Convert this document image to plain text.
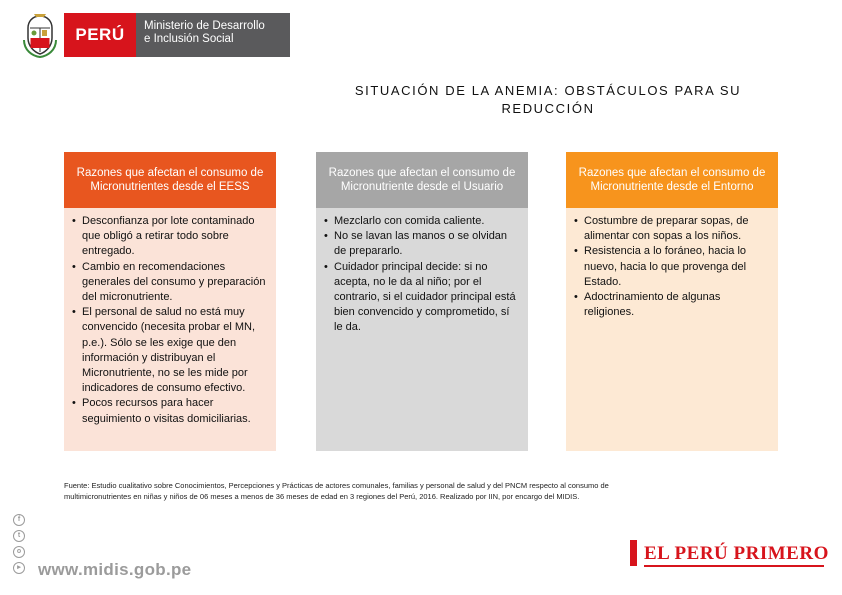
PERÚ	Ministerio de Desarrollo
e Inclusión Social
SITUACIÓN DE LA ANEMIA: OBSTÁCULOS PARA SU
REDUCCIÓN
Razones que afectan el consumo de Micronutrientes desde el EESS
• Desconfianza por lote contaminado que obligó a retirar todo sobre entregado.
• Cambio en recomendaciones generales del consumo y preparación del micronutriente.
• El personal de salud no está muy convencido (necesita probar el MN, p.e.). Sólo se les exige que den información y distribuyan el Micronutriente, no se les mide por indicadores de consumo efectivo.
• Pocos recursos para hacer seguimiento o visitas domiciliarias.
Razones que afectan el consumo de Micronutriente desde el Usuario
• Mezclarlo con comida caliente.
• No se lavan las manos o se olvidan de prepararlo.
• Cuidador principal decide: si no acepta, no le da al niño; por el contrario, si el cuidador principal está bien convencido y comprometido, sí le da.
Razones que afectan el consumo de Micronutriente desde el Entorno
• Costumbre de preparar sopas, de alimentar con sopas a los niños.
• Resistencia a lo foráneo, hacia lo nuevo, hacia lo que provenga del Estado.
• Adoctrinamiento de algunas religiones.
Fuente: Estudio cualitativo sobre Conocimientos, Percepciones y Prácticas de actores comunales, familias y personal de salud y del PNCM respecto al consumo de multimicronutrientes en niñas y niños de 06 meses a menos de 36 meses de edad en 3 regiones del Perú, 2016. Realizado por IIN, por encargo del MIDIS.
f
t
o
▸ www.midis.gob.pe
EL PERÚ PRIMERO
